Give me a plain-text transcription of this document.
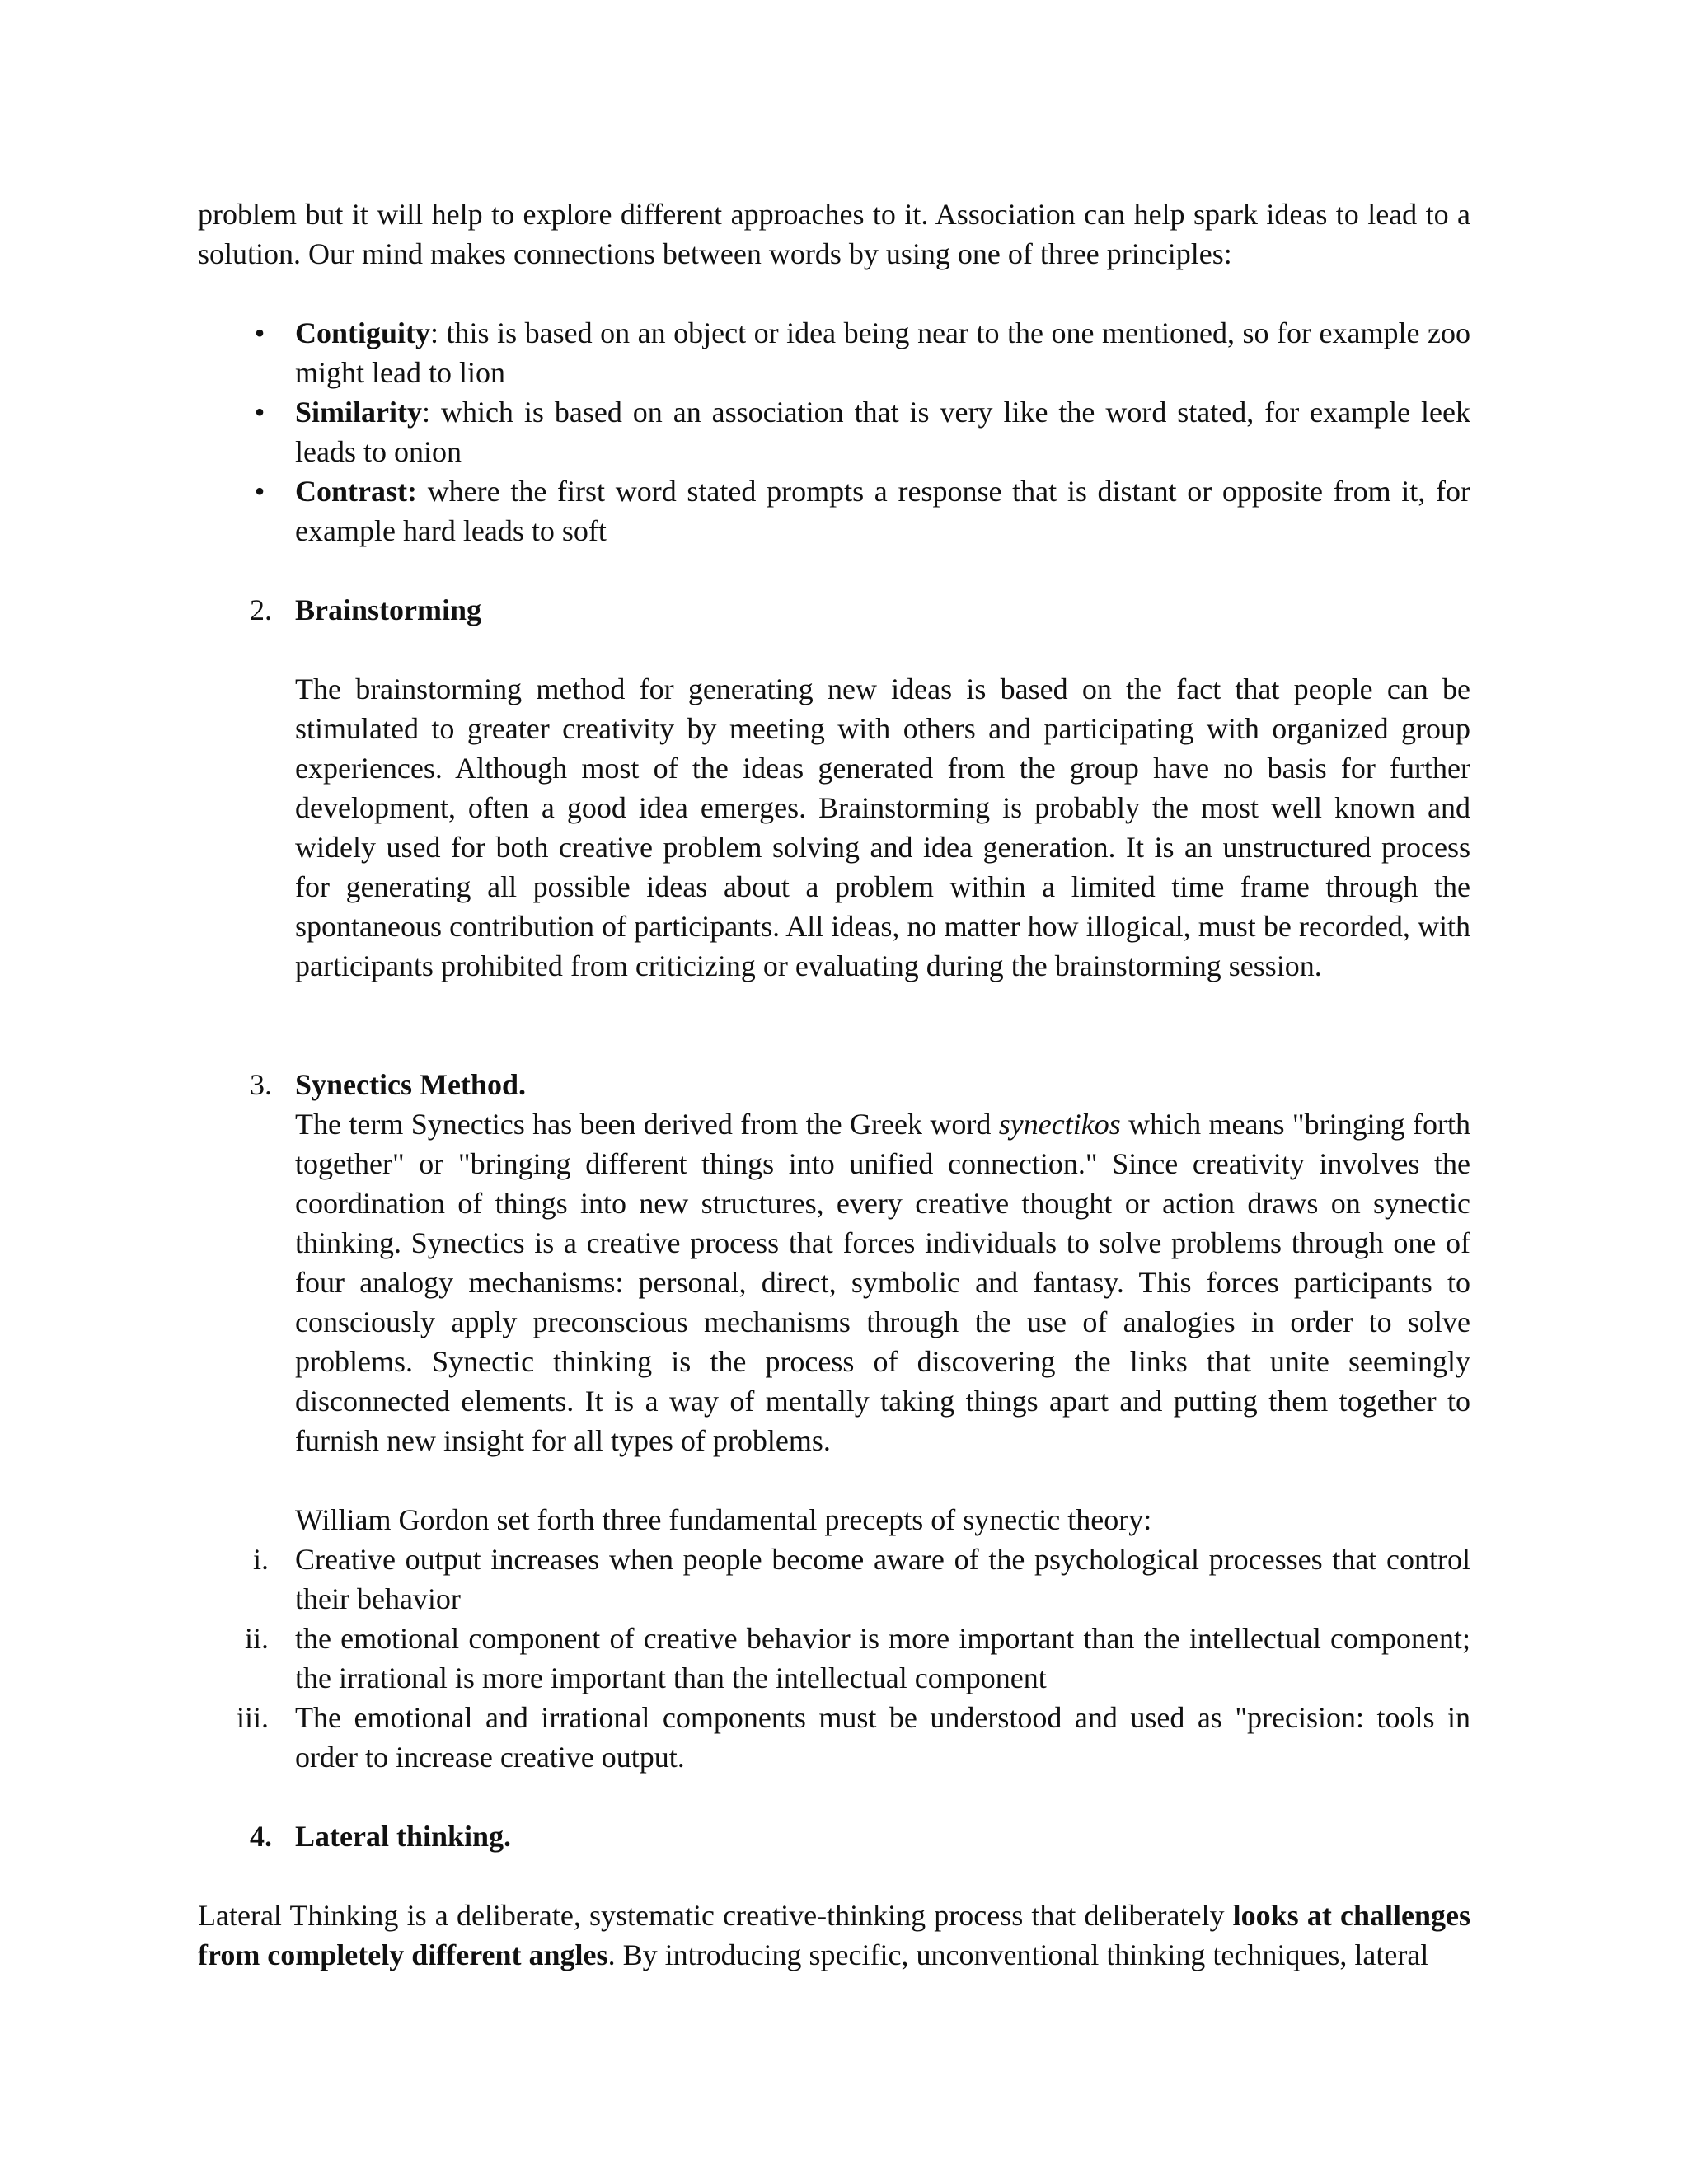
problem but it will help to explore different approaches to it. Association can help spark ideas to lead to a solution. Our mind makes connections between words by using one of three principles:

• Contiguity: this is based on an object or idea being near to the one mentioned, so for example zoo might lead to lion
• Similarity: which is based on an association that is very like the word stated, for example leek leads to onion
• Contrast: where the first word stated prompts a response that is distant or opposite from it, for example hard leads to soft
2. Brainstorming

The brainstorming method for generating new ideas is based on the fact that people can be stimulated to greater creativity by meeting with others and participating with organized group experiences. Although most of the ideas generated from the group have no basis for further development, often a good idea emerges. Brainstorming is probably the most well known and widely used for both creative problem solving and idea generation. It is an unstructured process for generating all possible ideas about a problem within a limited time frame through the spontaneous contribution of participants. All ideas, no matter how illogical, must be recorded, with participants prohibited from criticizing or evaluating during the brainstorming session.

3. Synectics Method.

The term Synectics has been derived from the Greek word synectikos which means "bringing forth together" or "bringing different things into unified connection." Since creativity involves the coordination of things into new structures, every creative thought or action draws on synectic thinking. Synectics is a creative process that forces individuals to solve problems through one of four analogy mechanisms: personal, direct, symbolic and fantasy. This forces participants to consciously apply preconscious mechanisms through the use of analogies in order to solve problems. Synectic thinking is the process of discovering the links that unite seemingly disconnected elements. It is a way of mentally taking things apart and putting them together to furnish new insight for all types of problems.

William Gordon set forth three fundamental precepts of synectic theory:

i. Creative output increases when people become aware of the psychological processes that control their behavior
ii. the emotional component of creative behavior is more important than the intellectual component; the irrational is more important than the intellectual component
iii. The emotional and irrational components must be understood and used as "precision: tools in order to increase creative output.
4. Lateral thinking.

Lateral Thinking is a deliberate, systematic creative-thinking process that deliberately looks at challenges from completely different angles. By introducing specific, unconventional thinking techniques, lateral
